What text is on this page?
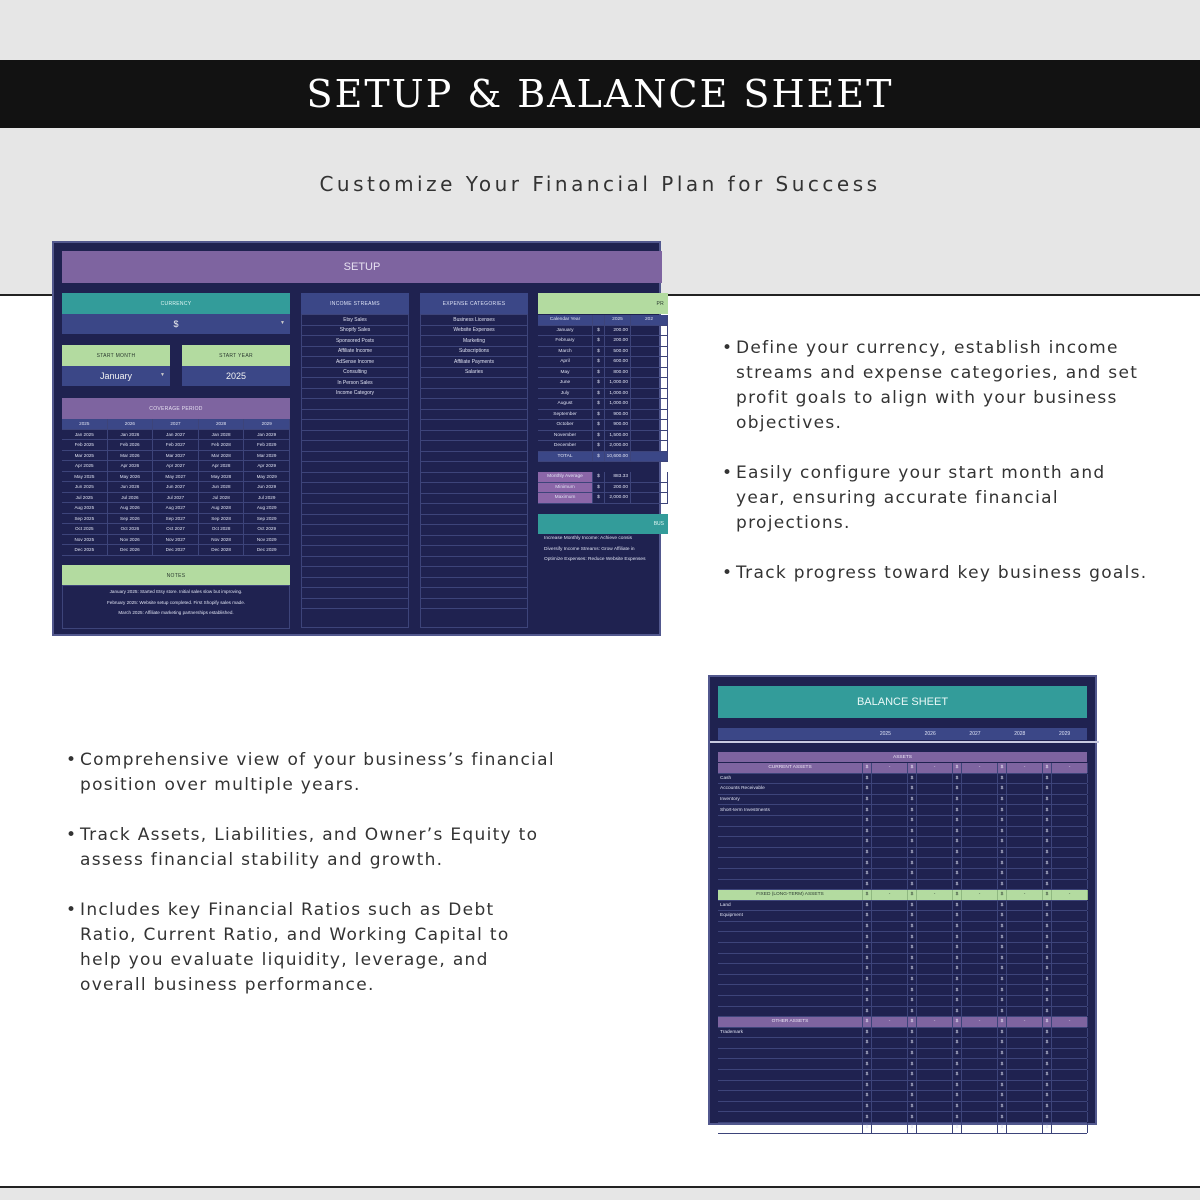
SETUP & BALANCE SHEET
Customize Your Financial Plan for Success
SETUP
CURRENCY
$	▼
START MONTH
January	▼
START YEAR
2025
COVERAGE PERIOD
2025	2026	2027	2028	2029
Jan 2025	Jan 2026	Jan 2027	Jan 2028	Jan 2029
Feb 2025	Feb 2026	Feb 2027	Feb 2028	Feb 2029
Mar 2025	Mar 2026	Mar 2027	Mar 2028	Mar 2029
Apr 2025	Apr 2026	Apr 2027	Apr 2028	Apr 2029
May 2025	May 2026	May 2027	May 2028	May 2029
Jun 2025	Jun 2026	Jun 2027	Jun 2028	Jun 2029
Jul 2025	Jul 2026	Jul 2027	Jul 2028	Jul 2029
Aug 2025	Aug 2026	Aug 2027	Aug 2028	Aug 2029
Sep 2025	Sep 2026	Sep 2027	Sep 2028	Sep 2029
Oct 2025	Oct 2026	Oct 2027	Oct 2028	Oct 2029
Nov 2025	Nov 2026	Nov 2027	Nov 2028	Nov 2029
Dec 2025	Dec 2026	Dec 2027	Dec 2028	Dec 2029
NOTES
January 2025: Started Etsy store. Initial sales slow but improving.
February 2025: Website setup completed. First Shopify sales made.
March 2025: Affiliate marketing partnerships established.
INCOME STREAMS
Etsy Sales
Shopify Sales
Sponsored Posts
Affiliate Income
AdSense Income
Consulting
In Person Sales
Income Category
EXPENSE CATEGORIES
Business Licenses
Website Expenses
Marketing
Subscriptions
Affiliate Payments
Salaries
PR
Calendar Year	2025	202
January	$	200.00
February	$	200.00
March	$	500.00
April	$	600.00
May	$	800.00
June	$	1,000.00
July	$	1,000.00
August	$	1,000.00
September	$	900.00
October	$	900.00
November	$	1,500.00
December	$	2,000.00
TOTAL	$	10,600.00
Monthly Average	$	883.33
Minimum	$	200.00
Maximum	$	2,000.00
BUS
Increase Monthly Income: Achieve consis
Diversify Income Streams: Grow Affiliate in
Optimize Expenses: Reduce Website Expenses
• Define your currency, establish income streams and expense categories, and set profit goals to align with your business objectives.
• Easily configure your start month and year, ensuring accurate financial projections.
• Track progress toward key business goals.
• Comprehensive view of your business’s financial position over multiple years.
• Track Assets, Liabilities, and Owner’s Equity to assess financial stability and growth.
• Includes key Financial Ratios such as Debt Ratio, Current Ratio, and Working Capital to help you evaluate liquidity, leverage, and overall business performance.
BALANCE SHEET
2025	2026	2027	2028	2029
ASSETS
CURRENT ASSETS	$	-	$	-	$	-	$	-	$	-
Cash	$	$	$	$	$
Accounts Receivable	$	$	$	$	$
Inventory	$	$	$	$	$
Short-term Investments	$	$	$	$	$
$	$	$	$	$
$	$	$	$	$
$	$	$	$	$
$	$	$	$	$
$	$	$	$	$
$	$	$	$	$
$	$	$	$	$
FIXED (LONG-TERM) ASSETS	$	-	$	-	$	-	$	-	$	-
Land	$	$	$	$	$
Equipment	$	$	$	$	$
$	$	$	$	$
$	$	$	$	$
$	$	$	$	$
$	$	$	$	$
$	$	$	$	$
$	$	$	$	$
$	$	$	$	$
$	$	$	$	$
$	$	$	$	$
OTHER ASSETS	$	-	$	-	$	-	$	-	$	-
Trademark	$	$	$	$	$
$	$	$	$	$
$	$	$	$	$
$	$	$	$	$
$	$	$	$	$
$	$	$	$	$
$	$	$	$	$
$	$	$	$	$
$	$	$	$	$
$	$	$	$	$
